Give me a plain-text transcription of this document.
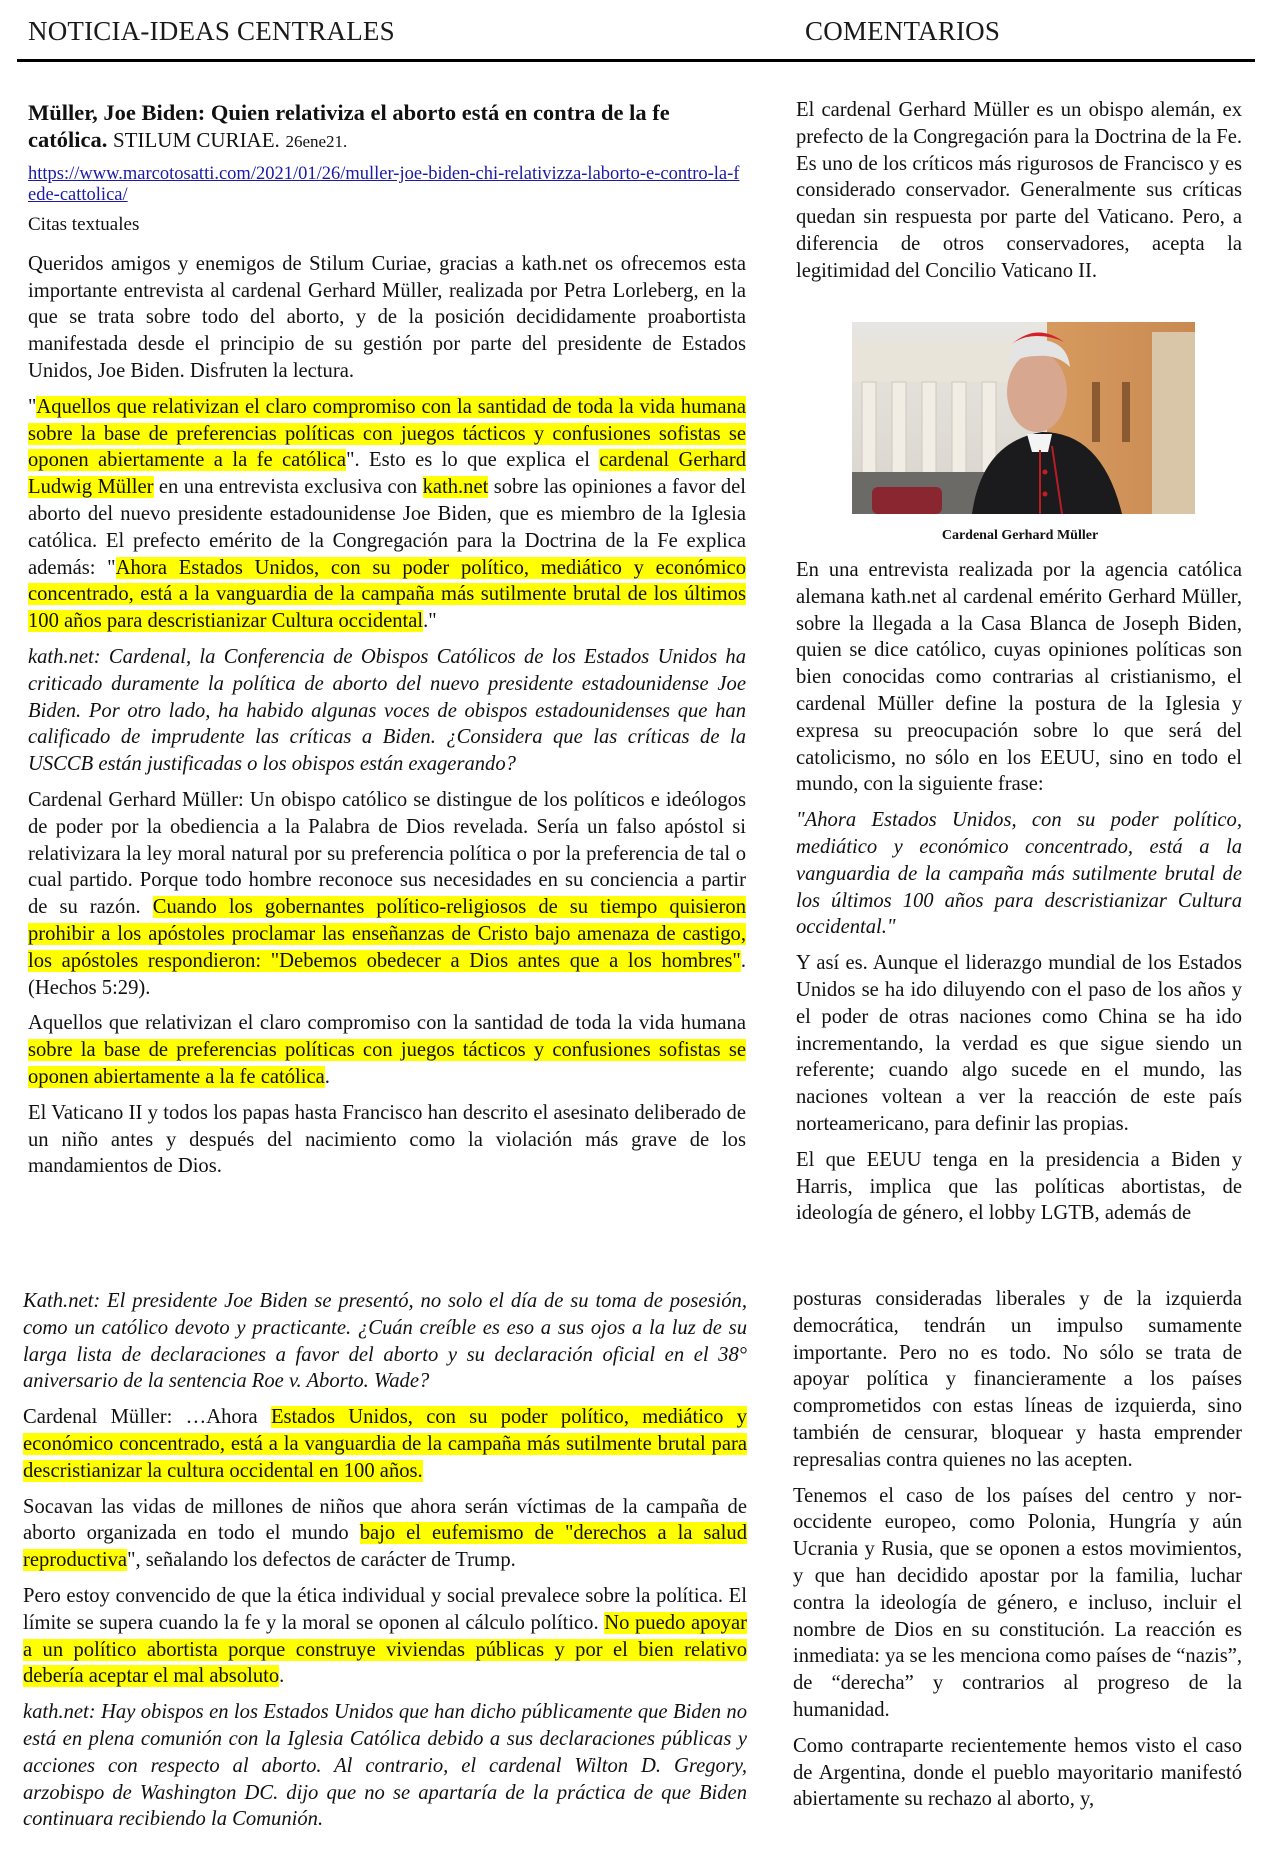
NOTICIA-IDEAS CENTRALES	COMENTARIOS

Müller, Joe Biden: Quien relativiza el aborto está en contra de la fe católica. STILUM CURIAE. 26ene21.

https://www.marcotosatti.com/2021/01/26/muller-joe-biden-chi-relativizza-laborto-e-contro-la-fede-cattolica/

Citas textuales

Queridos amigos y enemigos de Stilum Curiae, gracias a kath.net os ofrecemos esta importante entrevista al cardenal Gerhard Müller, realizada por Petra Lorleberg, en la que se trata sobre todo del aborto, y de la posición decididamente proabortista manifestada desde el principio de su gestión por parte del presidente de Estados Unidos, Joe Biden. Disfruten la lectura.

"Aquellos que relativizan el claro compromiso con la santidad de toda la vida humana sobre la base de preferencias políticas con juegos tácticos y confusiones sofistas se oponen abiertamente a la fe católica". Esto es lo que explica el cardenal Gerhard Ludwig Müller en una entrevista exclusiva con kath.net sobre las opiniones a favor del aborto del nuevo presidente estadounidense Joe Biden, que es miembro de la Iglesia católica. El prefecto emérito de la Congregación para la Doctrina de la Fe explica además: "Ahora Estados Unidos, con su poder político, mediático y económico concentrado, está a la vanguardia de la campaña más sutilmente brutal de los últimos 100 años para descristianizar Cultura occidental."

kath.net: Cardenal, la Conferencia de Obispos Católicos de los Estados Unidos ha criticado duramente la política de aborto del nuevo presidente estadounidense Joe Biden. Por otro lado, ha habido algunas voces de obispos estadounidenses que han calificado de imprudente las críticas a Biden. ¿Considera que las críticas de la USCCB están justificadas o los obispos están exagerando?

Cardenal Gerhard Müller: Un obispo católico se distingue de los políticos e ideólogos de poder por la obediencia a la Palabra de Dios revelada. Sería un falso apóstol si relativizara la ley moral natural por su preferencia política o por la preferencia de tal o cual partido. Porque todo hombre reconoce sus necesidades en su conciencia a partir de su razón. Cuando los gobernantes político-religiosos de su tiempo quisieron prohibir a los apóstoles proclamar las enseñanzas de Cristo bajo amenaza de castigo, los apóstoles respondieron: "Debemos obedecer a Dios antes que a los hombres". (Hechos 5:29).

Aquellos que relativizan el claro compromiso con la santidad de toda la vida humana sobre la base de preferencias políticas con juegos tácticos y confusiones sofistas se oponen abiertamente a la fe católica.

El Vaticano II y todos los papas hasta Francisco han descrito el asesinato deliberado de un niño antes y después del nacimiento como la violación más grave de los mandamientos de Dios.

Kath.net: El presidente Joe Biden se presentó, no solo el día de su toma de posesión, como un católico devoto y practicante. ¿Cuán creíble es eso a sus ojos a la luz de su larga lista de declaraciones a favor del aborto y su declaración oficial en el 38° aniversario de la sentencia Roe v. Aborto. Wade?

Cardenal Müller: …Ahora Estados Unidos, con su poder político, mediático y económico concentrado, está a la vanguardia de la campaña más sutilmente brutal para descristianizar la cultura occidental en 100 años.

Socavan las vidas de millones de niños que ahora serán víctimas de la campaña de aborto organizada en todo el mundo bajo el eufemismo de "derechos a la salud reproductiva", señalando los defectos de carácter de Trump.

Pero estoy convencido de que la ética individual y social prevalece sobre la política. El límite se supera cuando la fe y la moral se oponen al cálculo político. No puedo apoyar a un político abortista porque construye viviendas públicas y por el bien relativo debería aceptar el mal absoluto.

kath.net: Hay obispos en los Estados Unidos que han dicho públicamente que Biden no está en plena comunión con la Iglesia Católica debido a sus declaraciones públicas y acciones con respecto al aborto. Al contrario, el cardenal Wilton D. Gregory, arzobispo de Washington DC. dijo que no se apartaría de la práctica de que Biden continuara recibiendo la Comunión.

El cardenal Gerhard Müller es un obispo alemán, ex prefecto de la Congregación para la Doctrina de la Fe. Es uno de los críticos más rigurosos de Francisco y es considerado conservador. Generalmente sus críticas quedan sin respuesta por parte del Vaticano. Pero, a diferencia de otros conservadores, acepta la legitimidad del Concilio Vaticano II.

Cardenal Gerhard Müller

En una entrevista realizada por la agencia católica alemana kath.net al cardenal emérito Gerhard Müller, sobre la llegada a la Casa Blanca de Joseph Biden, quien se dice católico, cuyas opiniones políticas son bien conocidas como contrarias al cristianismo, el cardenal Müller define la postura de la Iglesia y expresa su preocupación sobre lo que será del catolicismo, no sólo en los EEUU, sino en todo el mundo, con la siguiente frase:

"Ahora Estados Unidos, con su poder político, mediático y económico concentrado, está a la vanguardia de la campaña más sutilmente brutal de los últimos 100 años para descristianizar Cultura occidental."

Y así es. Aunque el liderazgo mundial de los Estados Unidos se ha ido diluyendo con el paso de los años y el poder de otras naciones como China se ha ido incrementando, la verdad es que sigue siendo un referente; cuando algo sucede en el mundo, las naciones voltean a ver la reacción de este país norteamericano, para definir las propias.

El que EEUU tenga en la presidencia a Biden y Harris, implica que las políticas abortistas, de ideología de género, el lobby LGTB, además de

posturas consideradas liberales y de la izquierda democrática, tendrán un impulso sumamente importante. Pero no es todo. No sólo se trata de apoyar política y financieramente a los países comprometidos con estas líneas de izquierda, sino también de censurar, bloquear y hasta emprender represalias contra quienes no las acepten.

Tenemos el caso de los países del centro y nor-occidente europeo, como Polonia, Hungría y aún Ucrania y Rusia, que se oponen a estos movimientos, y que han decidido apostar por la familia, luchar contra la ideología de género, e incluso, incluir el nombre de Dios en su constitución. La reacción es inmediata: ya se les menciona como países de “nazis”, de “derecha” y contrarios al progreso de la humanidad.

Como contraparte recientemente hemos visto el caso de Argentina, donde el pueblo mayoritario manifestó abiertamente su rechazo al aborto, y,
